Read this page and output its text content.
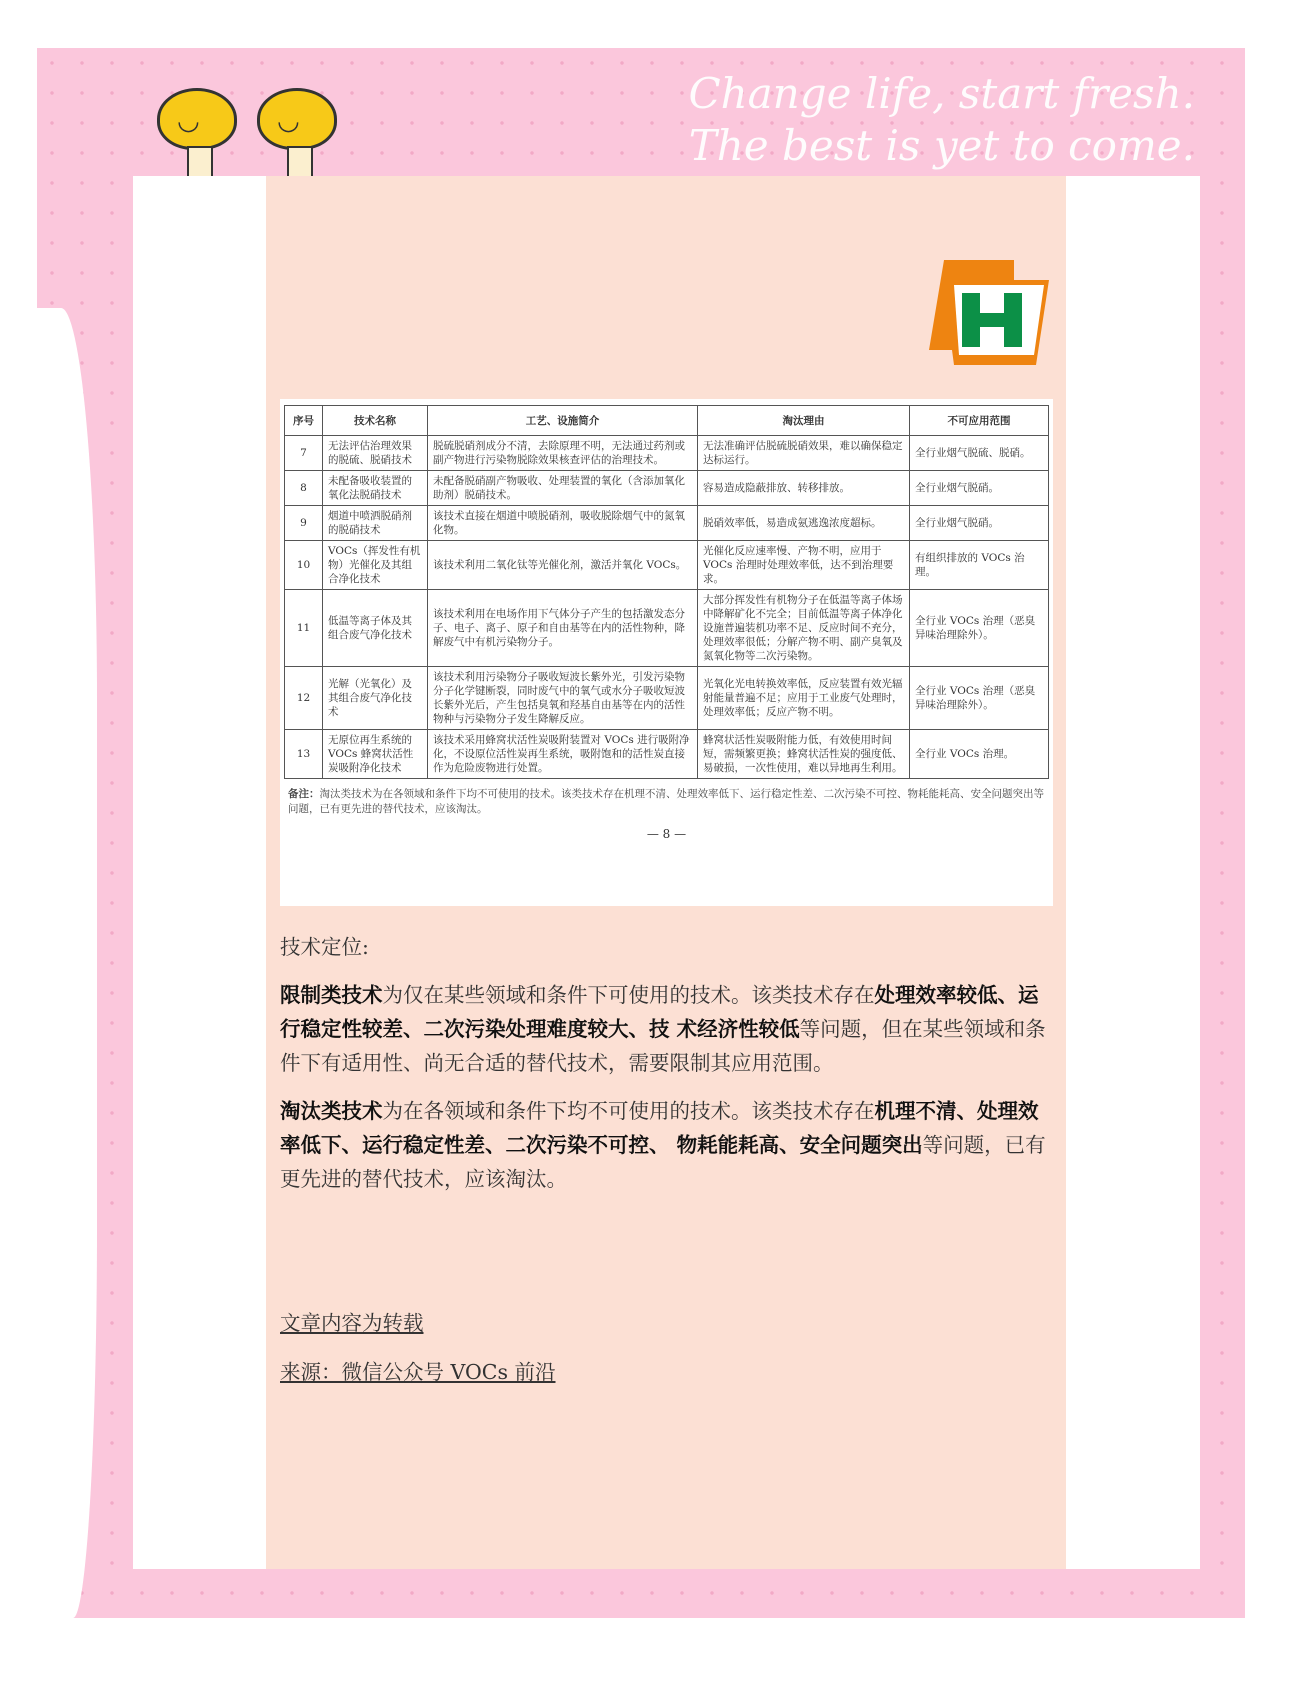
◡	◡
Change life, start fresh.
The best is yet to come.
序号	技术名称	工艺、设施简介	淘汰理由	不可应用范围
7	无法评估治理效果的脱硫、脱硝技术	脱硫脱硝剂成分不清，去除原理不明，无法通过药剂或副产物进行污染物脱除效果核查评估的治理技术。	无法准确评估脱硫脱硝效果，难以确保稳定达标运行。	全行业烟气脱硫、脱硝。
8	未配备吸收装置的氧化法脱硝技术	未配备脱硝副产物吸收、处理装置的氧化（含添加氧化助剂）脱硝技术。	容易造成隐蔽排放、转移排放。	全行业烟气脱硝。
9	烟道中喷洒脱硝剂的脱硝技术	该技术直接在烟道中喷脱硝剂，吸收脱除烟气中的氮氧化物。	脱硝效率低，易造成氨逃逸浓度超标。	全行业烟气脱硝。
10	VOCs（挥发性有机物）光催化及其组合净化技术	该技术利用二氧化钛等光催化剂，激活并氧化 VOCs。	光催化反应速率慢、产物不明，应用于 VOCs 治理时处理效率低，达不到治理要求。	有组织排放的 VOCs 治理。
11	低温等离子体及其组合废气净化技术	该技术利用在电场作用下气体分子产生的包括激发态分子、电子、离子、原子和自由基等在内的活性物种，降解废气中有机污染物分子。	大部分挥发性有机物分子在低温等离子体场中降解矿化不完全；目前低温等离子体净化设施普遍装机功率不足、反应时间不充分，处理效率很低；分解产物不明、副产臭氧及氮氧化物等二次污染物。	全行业 VOCs 治理（恶臭异味治理除外）。
12	光解（光氧化）及其组合废气净化技术	该技术利用污染物分子吸收短波长紫外光，引发污染物分子化学键断裂，同时废气中的氧气或水分子吸收短波长紫外光后，产生包括臭氧和羟基自由基等在内的活性物种与污染物分子发生降解反应。	光氧化光电转换效率低，反应装置有效光辐射能量普遍不足；应用于工业废气处理时，处理效率低；反应产物不明。	全行业 VOCs 治理（恶臭异味治理除外）。
13	无原位再生系统的 VOCs 蜂窝状活性炭吸附净化技术	该技术采用蜂窝状活性炭吸附装置对 VOCs 进行吸附净化，不设原位活性炭再生系统，吸附饱和的活性炭直接作为危险废物进行处置。	蜂窝状活性炭吸附能力低，有效使用时间短，需频繁更换；蜂窝状活性炭的强度低、易破损，一次性使用，难以异地再生利用。	全行业 VOCs 治理。
备注：淘汰类技术为在各领域和条件下均不可使用的技术。该类技术存在机理不清、处理效率低下、运行稳定性差、二次污染不可控、物耗能耗高、安全问题突出等问题，已有更先进的替代技术，应该淘汰。
— 8 —
技术定位:
限制类技术为仅在某些领域和条件下可使用的技术。该类技术存在处理效率较低、运行稳定性较差、二次污染处理难度较大、技 术经济性较低等问题，但在某些领域和条件下有适用性、尚无合适的替代技术，需要限制其应用范围。
淘汰类技术为在各领域和条件下均不可使用的技术。该类技术存在机理不清、处理效率低下、运行稳定性差、二次污染不可控、 物耗能耗高、安全问题突出等问题，已有更先进的替代技术，应该淘汰。
文章内容为转载
来源：微信公众号 VOCs 前沿
